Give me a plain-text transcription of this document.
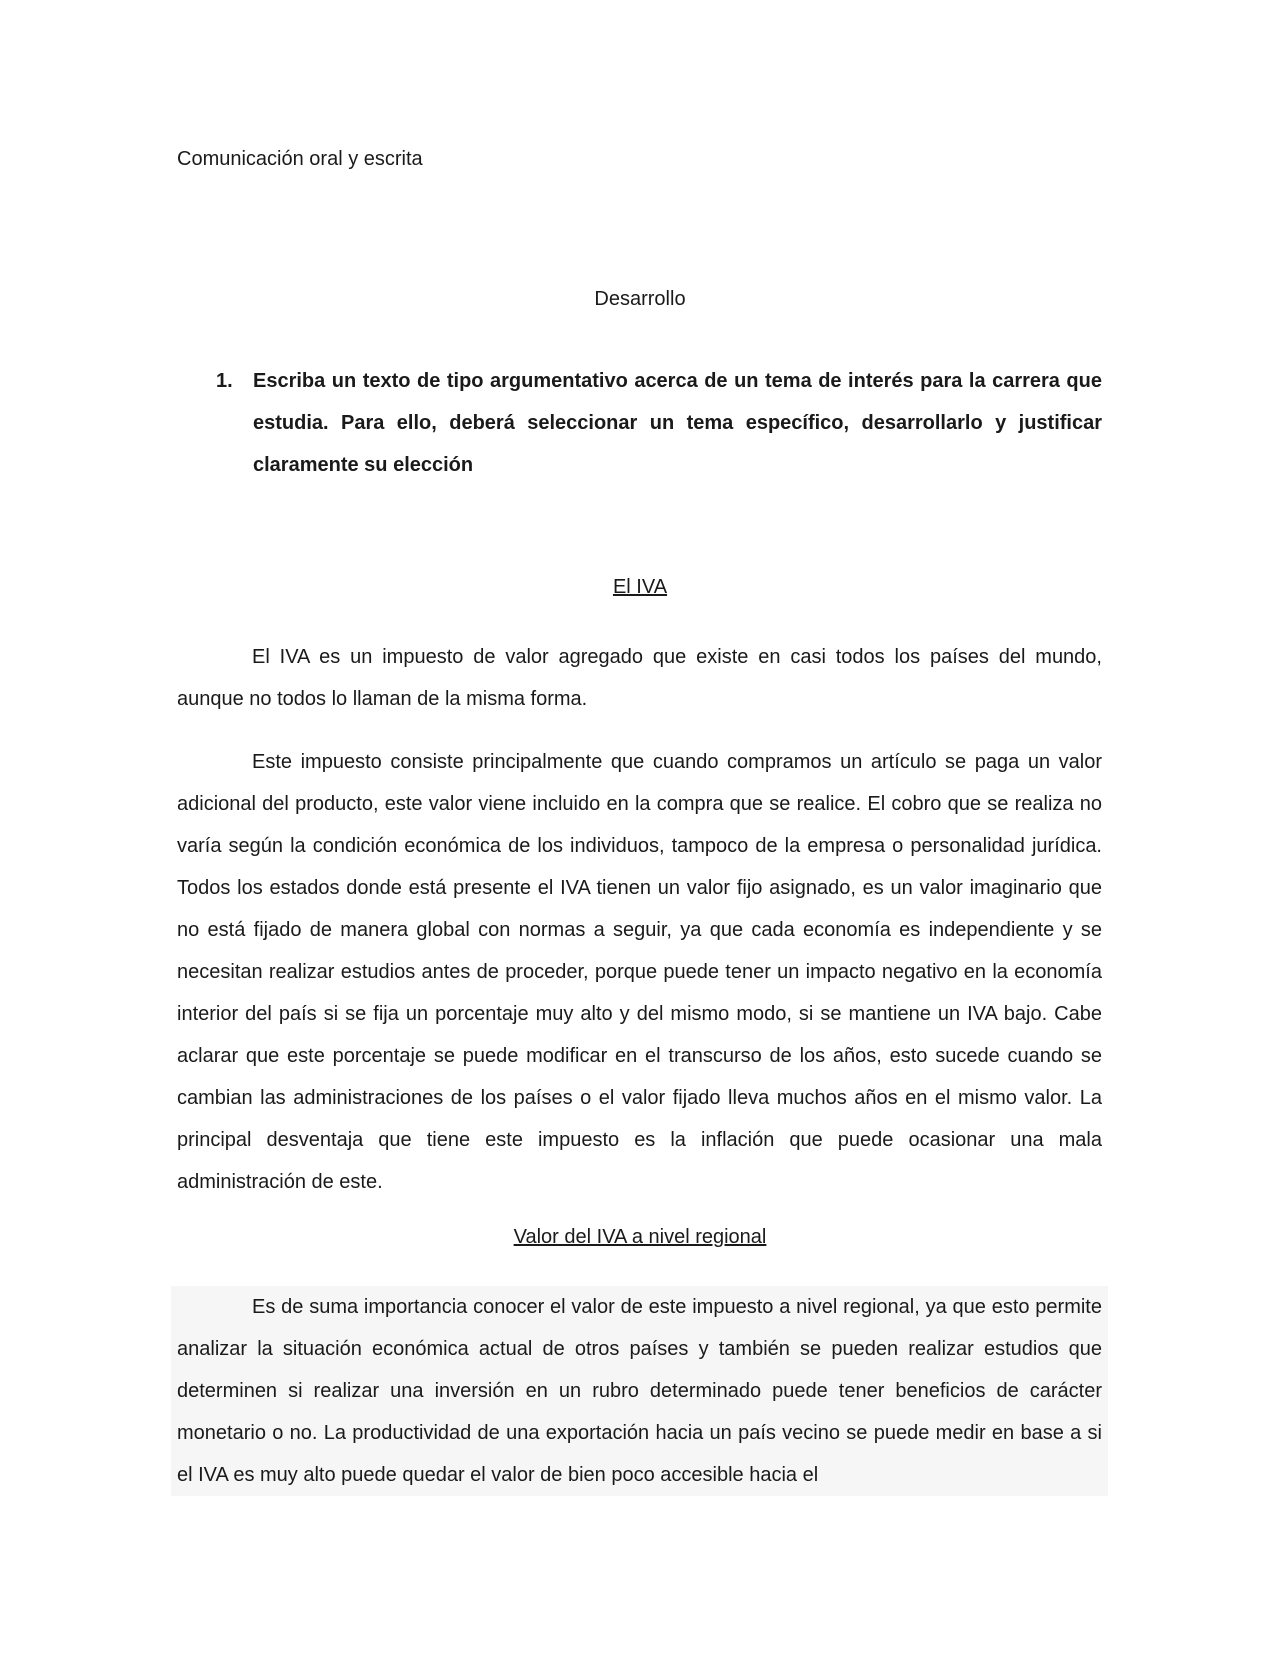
Comunicación oral y escrita

Desarrollo
1.	Escriba un texto de tipo argumentativo acerca de un tema de interés para la carrera que estudia. Para ello, deberá seleccionar un tema específico, desarrollarlo y justificar claramente su elección
El IVA

El IVA es un impuesto de valor agregado que existe en casi todos los países del mundo, aunque no todos lo llaman de la misma forma.

Este impuesto consiste principalmente que cuando compramos un artículo se paga un valor adicional del producto, este valor viene incluido en la compra que se realice. El cobro que se realiza no varía según la condición económica de los individuos, tampoco de la empresa o personalidad jurídica. Todos los estados donde está presente el IVA tienen un valor fijo asignado, es un valor imaginario que no está fijado de manera global con normas a seguir, ya que cada economía es independiente y se necesitan realizar estudios antes de proceder, porque puede tener un impacto negativo en la economía interior del país si se fija un porcentaje muy alto y del mismo modo, si se mantiene un IVA bajo. Cabe aclarar que este porcentaje se puede modificar en el transcurso de los años, esto sucede cuando se cambian las administraciones de los países o el valor fijado lleva muchos años en el mismo valor. La principal desventaja que tiene este impuesto es la inflación que puede ocasionar una mala administración de este.

Valor del IVA a nivel regional

Es de suma importancia conocer el valor de este impuesto a nivel regional, ya que esto permite analizar la situación económica actual de otros países y también se pueden realizar estudios que determinen si realizar una inversión en un rubro determinado puede tener beneficios de carácter monetario o no. La productividad de una exportación hacia un país vecino se puede medir en base a si el IVA es muy alto puede quedar el valor de bien poco accesible hacia el
